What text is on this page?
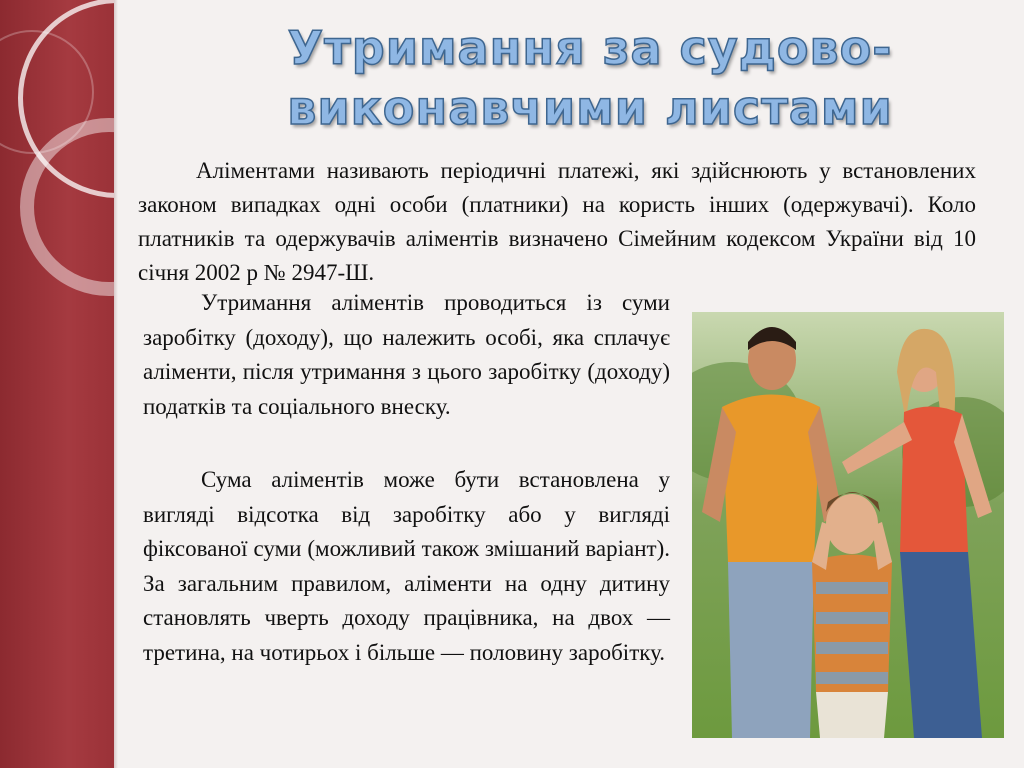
Утримання за судово-виконавчими листами

Аліментами називають періодичні платежі, які здійснюють у встановлених законом випадках одні особи (платники) на користь інших (одержувачі). Коло платників та одержувачів аліментів визначено Сімейним кодексом України від 10 січня 2002 р № 2947-Ш.

Утримання аліментів проводиться із суми заробітку (доходу), що належить особі, яка сплачує аліменти, після утримання з цього заробітку (доходу) податків та соціального внеску.

Сума аліментів може бути встановлена у вигляді відсотка від заробітку або у вигляді фіксованої суми (можливий також змішаний варіант). За загальним правилом, аліменти на одну дитину становлять чверть доходу працівника, на двох — третина, на чотирьох і більше — половину заробітку.
